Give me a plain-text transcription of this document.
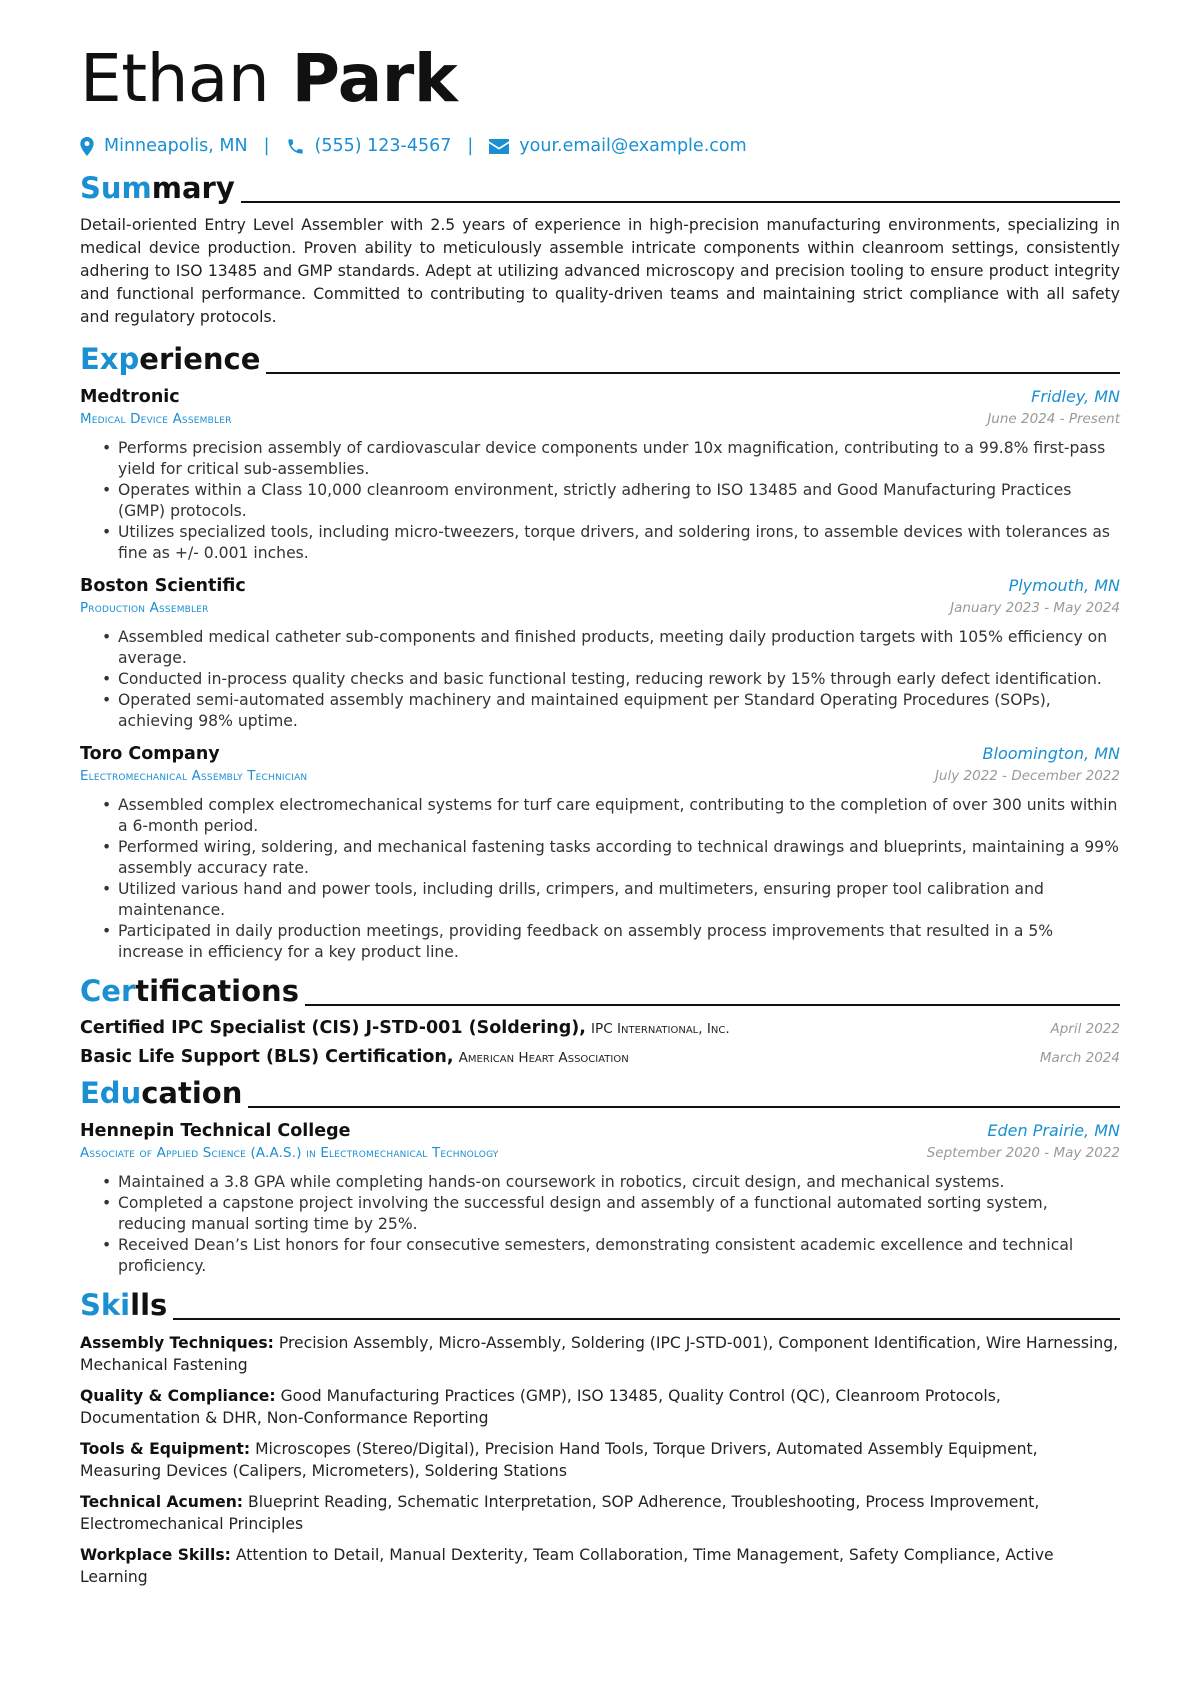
Ethan Park
Minneapolis, MN |	(555) 123-4567 |	your.email@example.com
Summary

Detail-oriented Entry Level Assembler with 2.5 years of experience in high-precision manufacturing environments, specializing in medical device production. Proven ability to meticulously assemble intricate components within cleanroom settings, consistently adhering to ISO 13485 and GMP standards. Adept at utilizing advanced microscopy and precision tooling to ensure product integrity and functional performance. Committed to contributing to quality-driven teams and maintaining strict compliance with all safety and regulatory protocols.

Experience
Medtronic	Fridley, MN
Medical Device Assembler	June 2024 - Present
• Performs precision assembly of cardiovascular device components under 10x magnification, contributing to a 99.8% first-pass yield for critical sub-assemblies.
• Operates within a Class 10,000 cleanroom environment, strictly adhering to ISO 13485 and Good Manufacturing Practices (GMP) protocols.
• Utilizes specialized tools, including micro-tweezers, torque drivers, and soldering irons, to assemble devices with tolerances as fine as +/- 0.001 inches.
Boston Scientific	Plymouth, MN
Production Assembler	January 2023 - May 2024
• Assembled medical catheter sub-components and finished products, meeting daily production targets with 105% efficiency on average.
• Conducted in-process quality checks and basic functional testing, reducing rework by 15% through early defect identification.
• Operated semi-automated assembly machinery and maintained equipment per Standard Operating Procedures (SOPs), achieving 98% uptime.
Toro Company	Bloomington, MN
Electromechanical Assembly Technician	July 2022 - December 2022
• Assembled complex electromechanical systems for turf care equipment, contributing to the completion of over 300 units within a 6-month period.
• Performed wiring, soldering, and mechanical fastening tasks according to technical drawings and blueprints, maintaining a 99% assembly accuracy rate.
• Utilized various hand and power tools, including drills, crimpers, and multimeters, ensuring proper tool calibration and maintenance.
• Participated in daily production meetings, providing feedback on assembly process improvements that resulted in a 5% increase in efficiency for a key product line.
Certifications
Certified IPC Specialist (CIS) J-STD-001 (Soldering), IPC International, Inc.	April 2022
Basic Life Support (BLS) Certification, American Heart Association	March 2024
Education
Hennepin Technical College	Eden Prairie, MN
Associate of Applied Science (A.A.S.) in Electromechanical Technology	September 2020 - May 2022
• Maintained a 3.8 GPA while completing hands-on coursework in robotics, circuit design, and mechanical systems.
• Completed a capstone project involving the successful design and assembly of a functional automated sorting system, reducing manual sorting time by 25%.
• Received Dean’s List honors for four consecutive semesters, demonstrating consistent academic excellence and technical proficiency.
Skills
Assembly Techniques: Precision Assembly, Micro-Assembly, Soldering (IPC J-STD-001), Component Identification, Wire Harnessing, Mechanical Fastening
Quality & Compliance: Good Manufacturing Practices (GMP), ISO 13485, Quality Control (QC), Cleanroom Protocols, Documentation & DHR, Non-Conformance Reporting
Tools & Equipment: Microscopes (Stereo/Digital), Precision Hand Tools, Torque Drivers, Automated Assembly Equipment, Measuring Devices (Calipers, Micrometers), Soldering Stations
Technical Acumen: Blueprint Reading, Schematic Interpretation, SOP Adherence, Troubleshooting, Process Improvement, Electromechanical Principles
Workplace Skills: Attention to Detail, Manual Dexterity, Team Collaboration, Time Management, Safety Compliance, Active Learning
